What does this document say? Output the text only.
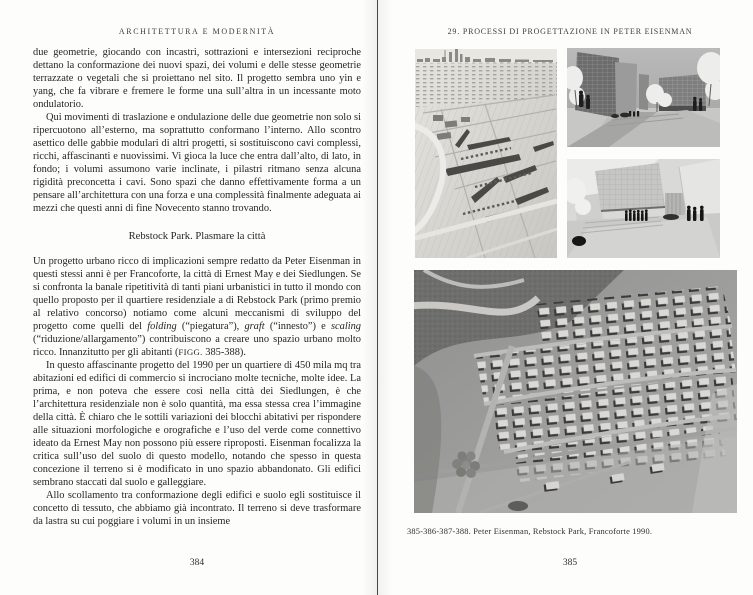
ARCHITETTURA E MODERNITÀ

due geometrie, giocando con incastri, sottrazioni e intersezioni reciproche dettano la conformazione dei nuovi spazi, dei volumi e delle stesse geometrie terrazzate o vegetali che si proiettano nel sito. Il progetto sembra uno yin e yang, che fa vibrare e fremere le forme una sull’altra in un incessante moto ondulatorio.

Qui movimenti di traslazione e ondulazione delle due geometrie non solo si ripercuotono all’esterno, ma soprattutto conformano l’interno. Allo scontro asettico delle gabbie modulari di altri progetti, si sostituiscono cavi complessi, ricchi, affascinanti e nuovissimi. Vi gioca la luce che entra dall’alto, di lato, in fondo; i volumi assumono varie inclinate, i pilastri ritmano senza alcuna rigidità preconcetta i cavi. Sono spazi che danno effettivamente forma a un pensare all’architettura con una forza e una complessità finalmente adeguata ai mezzi che questi anni di fine Novecento stanno trovando.

Rebstock Park. Plasmare la città

Un progetto urbano ricco di implicazioni sempre redatto da Peter Eisenman in questi stessi anni è per Francoforte, la città di Ernest May e dei Siedlungen. Se si confronta la banale ripetitività di tanti piani urbanistici in tutto il mondo con quello proposto per il quartiere residenziale a di Rebstock Park (primo premio al relativo concorso) notiamo come alcuni meccanismi di sviluppo del progetto come quelli del folding (“piegatura”), graft (“innesto”) e scaling (“riduzione/allargamento”) contribuiscono a creare uno spazio urbano molto ricco. Innanzitutto per gli abitanti (FIGG. 385-388).

In questo affascinante progetto del 1990 per un quartiere di 450 mila mq tra abitazioni ed edifici di commercio si incrociano molte tecniche, molte idee. La prima, e non poteva che essere così nella città dei Siedlungen, è che l’architettura residenziale non è solo quantità, ma essa stessa crea l’immagine della città. È chiaro che le sottili variazioni dei blocchi abitativi per rispondere alle situazioni morfologiche e orografiche e l’uso del verde come connettivo ideato da Ernest May non possono più essere riproposti. Eisenman focalizza la critica sull’uso del suolo di questo modello, notando che spesso in questa concezione il terreno si è modificato in uno spazio abbandonato. Gli edifici sembrano staccati dal suolo e galleggiare.

Allo scollamento tra conformazione degli edifici e suolo egli sostituisce il concetto di tessuto, che abbiamo già incontrato. Il terreno si deve trasformare da lastra su cui poggiare i volumi in un insieme

384
29. PROCESSI DI PROGETTAZIONE IN PETER EISENMAN
385-386-387-388. Peter Eisenman, Rebstock Park, Francoforte 1990.
385
